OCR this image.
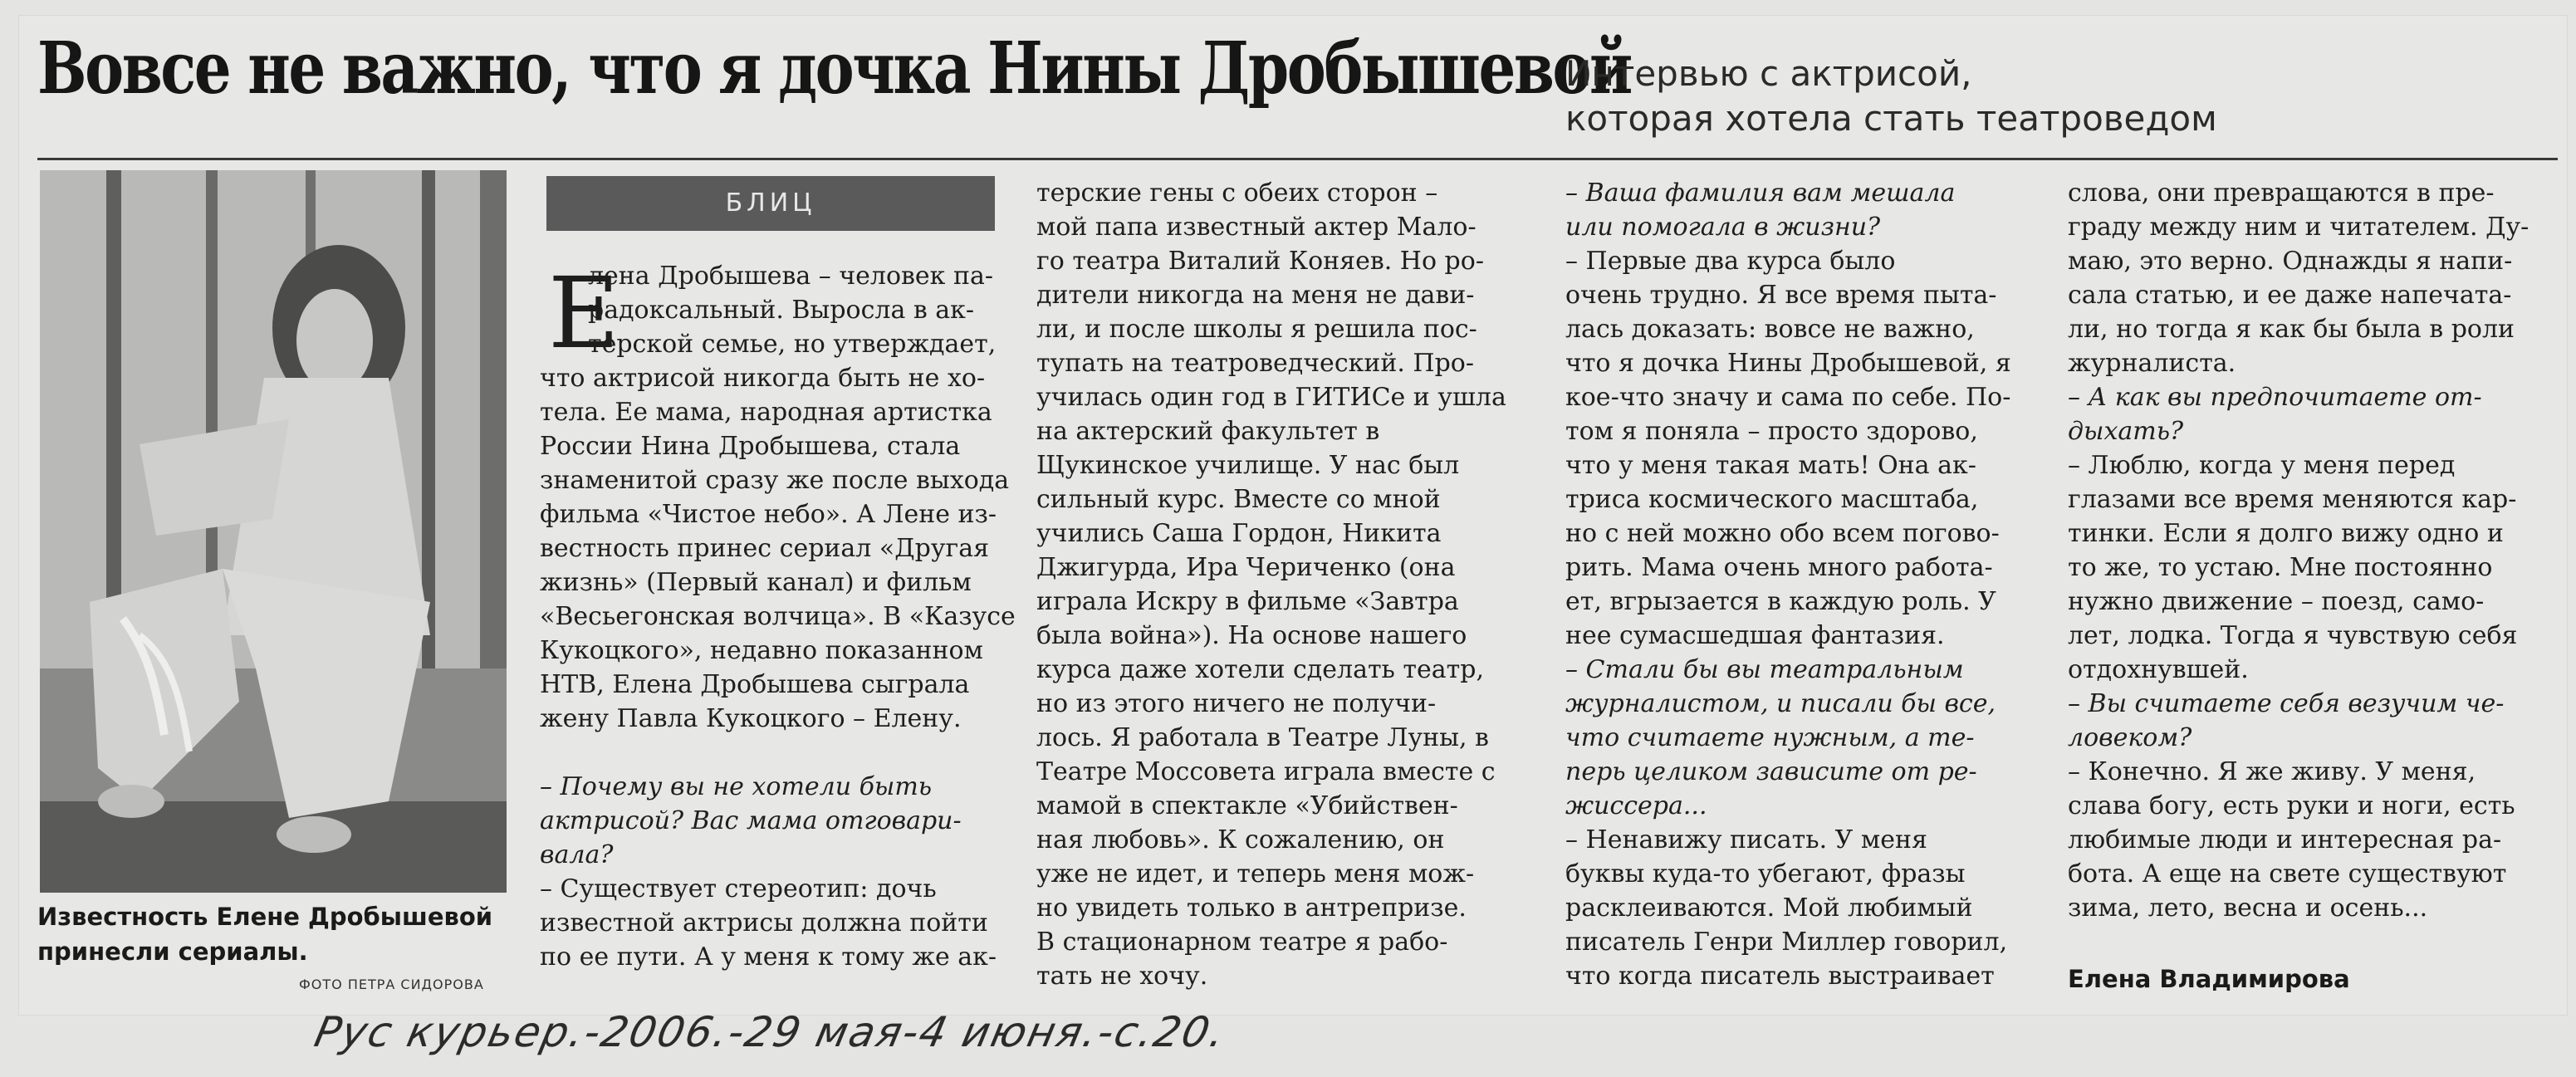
Вовсе не важно, что я дочка Нины Дробышевой
Интервью с актрисой,
которая хотела стать театроведом
Известность Елене Дробышевой
принесли сериалы.
ФОТО ПЕТРА СИДОРОВА
БЛИЦ
Е
лена Дробышева – человек па-
радоксальный. Выросла в ак-
терской семье, но утверждает,
что актрисой никогда быть не хо-
тела. Ее мама, народная артистка
России Нина Дробышева, стала
знаменитой сразу же после выхода
фильма «Чистое небо». А Лене из-
вестность принес сериал «Другая
жизнь» (Первый канал) и фильм
«Весьегонская волчица». В «Казусе
Кукоцкого», недавно показанном
НТВ, Елена Дробышева сыграла
жену Павла Кукоцкого – Елену.
– Почему вы не хотели быть
актрисой? Вас мама отговари-
вала?
– Существует стереотип: дочь
известной актрисы должна пойти
по ее пути. А у меня к тому же ак-
терские гены с обеих сторон –
мой папа известный актер Мало-
го театра Виталий Коняев. Но ро-
дители никогда на меня не дави-
ли, и после школы я решила пос-
тупать на театроведческий. Про-
училась один год в ГИТИСе и ушла
на актерский факультет в
Щукинское училище. У нас был
сильный курс. Вместе со мной
учились Саша Гордон, Никита
Джигурда, Ира Чериченко (она
играла Искру в фильме «Завтра
была война»). На основе нашего
курса даже хотели сделать театр,
но из этого ничего не получи-
лось. Я работала в Театре Луны, в
Театре Моссовета играла вместе с
мамой в спектакле «Убийствен-
ная любовь». К сожалению, он
уже не идет, и теперь меня мож-
но увидеть только в антрепризе.
В стационарном театре я рабо-
тать не хочу.
– Ваша фамилия вам мешала
или помогала в жизни?
– Первые два курса было
очень трудно. Я все время пыта-
лась доказать: вовсе не важно,
что я дочка Нины Дробышевой, я
кое-что значу и сама по себе. По-
том я поняла – просто здорово,
что у меня такая мать! Она ак-
триса космического масштаба,
но с ней можно обо всем погово-
рить. Мама очень много работа-
ет, вгрызается в каждую роль. У
нее сумасшедшая фантазия.
– Стали бы вы театральным
журналистом, и писали бы все,
что считаете нужным, а те-
перь целиком зависите от ре-
жиссера...
– Ненавижу писать. У меня
буквы куда-то убегают, фразы
расклеиваются. Мой любимый
писатель Генри Миллер говорил,
что когда писатель выстраивает
слова, они превращаются в пре-
граду между ним и читателем. Ду-
маю, это верно. Однажды я напи-
сала статью, и ее даже напечата-
ли, но тогда я как бы была в роли
журналиста.
– А как вы предпочитаете от-
дыхать?
– Люблю, когда у меня перед
глазами все время меняются кар-
тинки. Если я долго вижу одно и
то же, то устаю. Мне постоянно
нужно движение – поезд, само-
лет, лодка. Тогда я чувствую себя
отдохнувшей.
– Вы считаете себя везучим че-
ловеком?
– Конечно. Я же живу. У меня,
слава богу, есть руки и ноги, есть
любимые люди и интересная ра-
бота. А еще на свете существуют
зима, лето, весна и осень...
Елена Владимирова
Рус курьер.-2006.-29 мая-4 июня.-с.20.
